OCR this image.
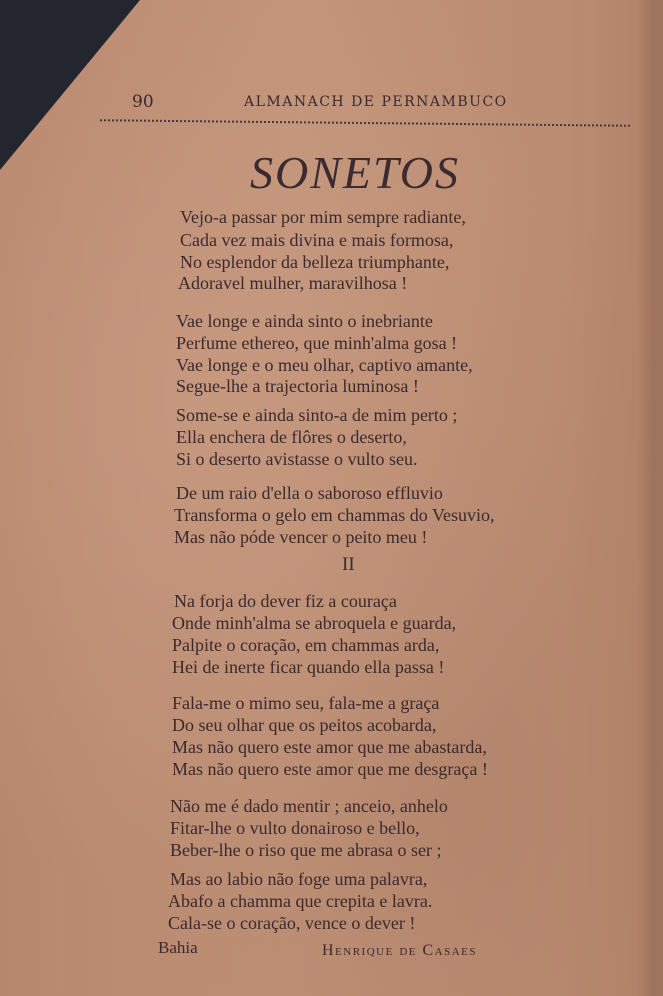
90	ALMANACH DE PERNAMBUCO
SONETOS
Vejo-a passar por mim sempre radiante,
Cada vez mais divina e mais formosa,
No esplendor da belleza triumphante,
Adoravel mulher, maravilhosa !
Vae longe e ainda sinto o inebriante
Perfume ethereo, que minh'alma gosa !
Vae longe e o meu olhar, captivo amante,
Segue-lhe a trajectoria luminosa !
Some-se e ainda sinto-a de mim perto ;
Ella enchera de flôres o deserto,
Si o deserto avistasse o vulto seu.
De um raio d'ella o saboroso effluvio
Transforma o gelo em chammas do Vesuvio,
Mas não póde vencer o peito meu !
II
Na forja do dever fiz a couraça
Onde minh'alma se abroquela e guarda,
Palpite o coração, em chammas arda,
Hei de inerte ficar quando ella passa !
Fala-me o mimo seu, fala-me a graça
Do seu olhar que os peitos acobarda,
Mas não quero este amor que me abastarda,
Mas não quero este amor que me desgraça !
Não me é dado mentir ; anceio, anhelo
Fitar-lhe o vulto donairoso e bello,
Beber-lhe o riso que me abrasa o ser ;
Mas ao labio não foge uma palavra,
Abafo a chamma que crepita e lavra.
Cala-se o coração, vence o dever !
Bahia	Henrique de Casaes
